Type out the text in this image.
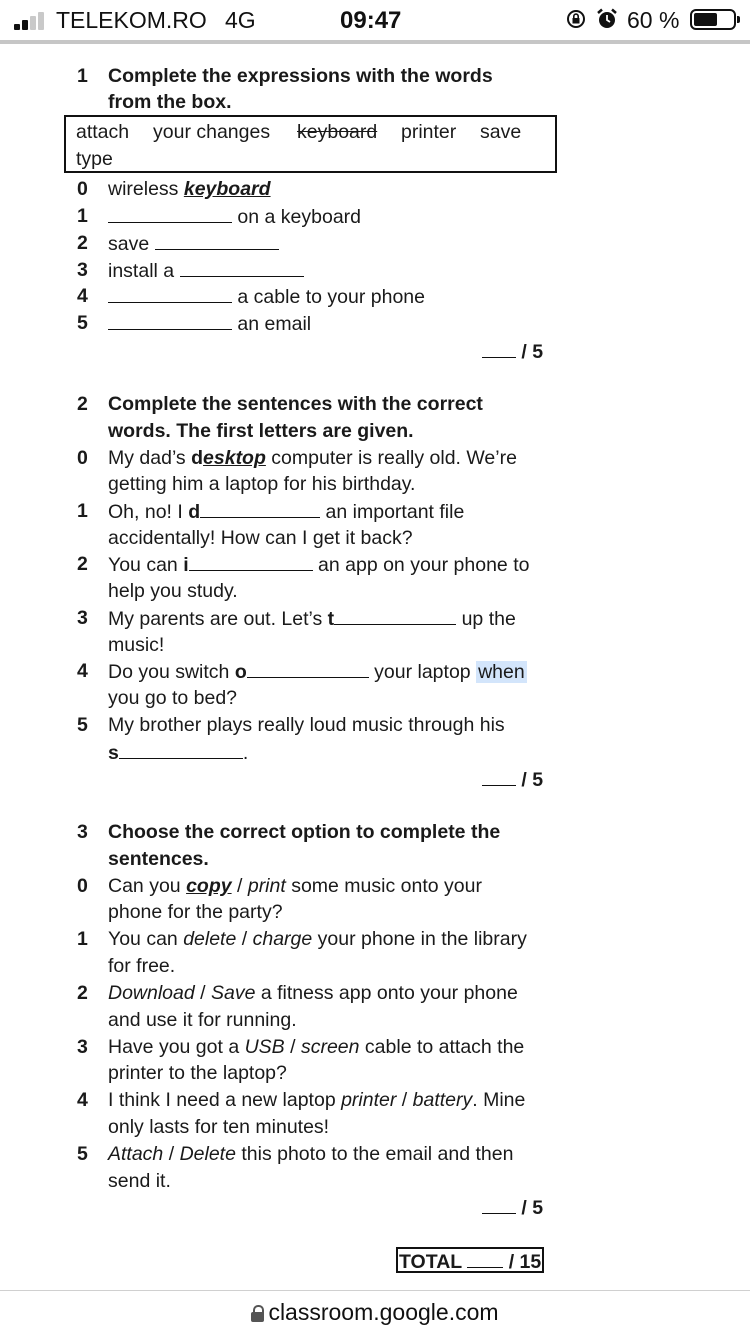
TELEKOM.RO 4G	09:47	60 %
1 Complete the expressions with the words
from the box.
attach your changes keyboard printer save
type
0 wireless keyboard
1	on a keyboard
2 save
3 install a
4	a cable to your phone
5	an email
/ 5
2 Complete the sentences with the correct
words. The first letters are given.
0 My dad’s desktop computer is really old. We’re
getting him a laptop for his birthday.
1 Oh, no! I d	an important file
accidentally! How can I get it back?
2 You can i	an app on your phone to
help you study.
3 My parents are out. Let’s t	up the
music!
4 Do you switch o	your laptop when
you go to bed?
5 My brother plays really loud music through his
s	.
/ 5
3 Choose the correct option to complete the
sentences.
0 Can you copy / print some music onto your
phone for the party?
1 You can delete / charge your phone in the library
for free.
2 Download / Save a fitness app onto your phone
and use it for running.
3 Have you got a USB / screen cable to attach the
printer to the laptop?
4 I think I need a new laptop printer / battery. Mine
only lasts for ten minutes!
5 Attach / Delete this photo to the email and then
send it.
/ 5
TOTAL / 15
classroom.google.com
